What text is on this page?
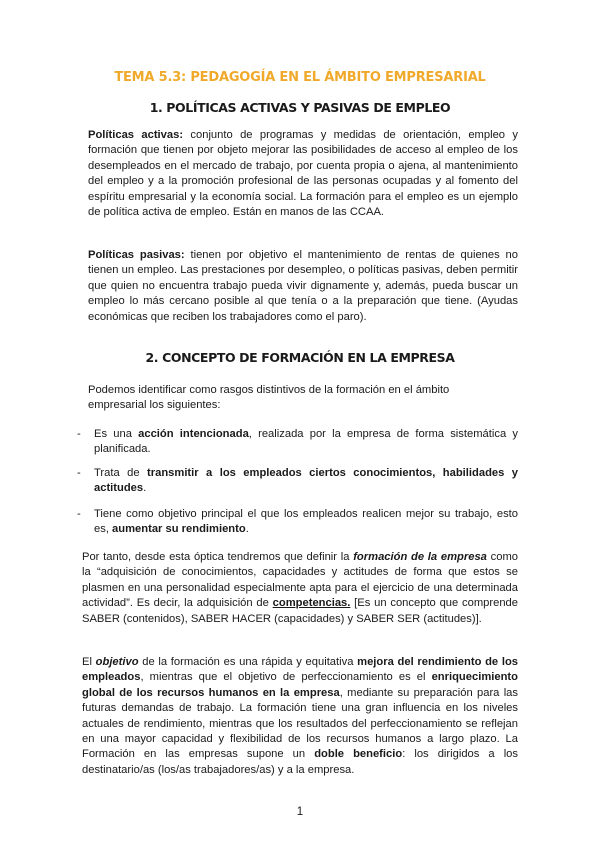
TEMA 5.3: PEDAGOGÍA EN EL ÁMBITO EMPRESARIAL
1. POLÍTICAS ACTIVAS Y PASIVAS DE EMPLEO

Políticas activas: conjunto de programas y medidas de orientación, empleo y formación que tienen por objeto mejorar las posibilidades de acceso al empleo de los desempleados en el mercado de trabajo, por cuenta propia o ajena, al mantenimiento del empleo y a la promoción profesional de las personas ocupadas y al fomento del espíritu empresarial y la economía social. La formación para el empleo es un ejemplo de política activa de empleo. Están en manos de las CCAA.

Políticas pasivas: tienen por objetivo el mantenimiento de rentas de quienes no tienen un empleo. Las prestaciones por desempleo, o políticas pasivas, deben permitir que quien no encuentra trabajo pueda vivir dignamente y, además, pueda buscar un empleo lo más cercano posible al que tenía o a la preparación que tiene. (Ayudas económicas que reciben los trabajadores como el paro).

2. CONCEPTO DE FORMACIÓN EN LA EMPRESA

Podemos identificar como rasgos distintivos de la formación en el ámbito empresarial los siguientes:

- Es una acción intencionada, realizada por la empresa de forma sistemática y planificada.

- Trata de transmitir a los empleados ciertos conocimientos, habilidades y actitudes.

- Tiene como objetivo principal el que los empleados realicen mejor su trabajo, esto es, aumentar su rendimiento.

Por tanto, desde esta óptica tendremos que definir la formación de la empresa como la “adquisición de conocimientos, capacidades y actitudes de forma que estos se plasmen en una personalidad especialmente apta para el ejercicio de una determinada actividad”. Es decir, la adquisición de competencias. [Es un concepto que comprende SABER (contenidos), SABER HACER (capacidades) y SABER SER (actitudes)].

El objetivo de la formación es una rápida y equitativa mejora del rendimiento de los empleados, mientras que el objetivo de perfeccionamiento es el enriquecimiento global de los recursos humanos en la empresa, mediante su preparación para las futuras demandas de trabajo. La formación tiene una gran influencia en los niveles actuales de rendimiento, mientras que los resultados del perfeccionamiento se reflejan en una mayor capacidad y flexibilidad de los recursos humanos a largo plazo. La Formación en las empresas supone un doble beneficio: los dirigidos a los destinatario/as (los/as trabajadores/as) y a la empresa.

1
